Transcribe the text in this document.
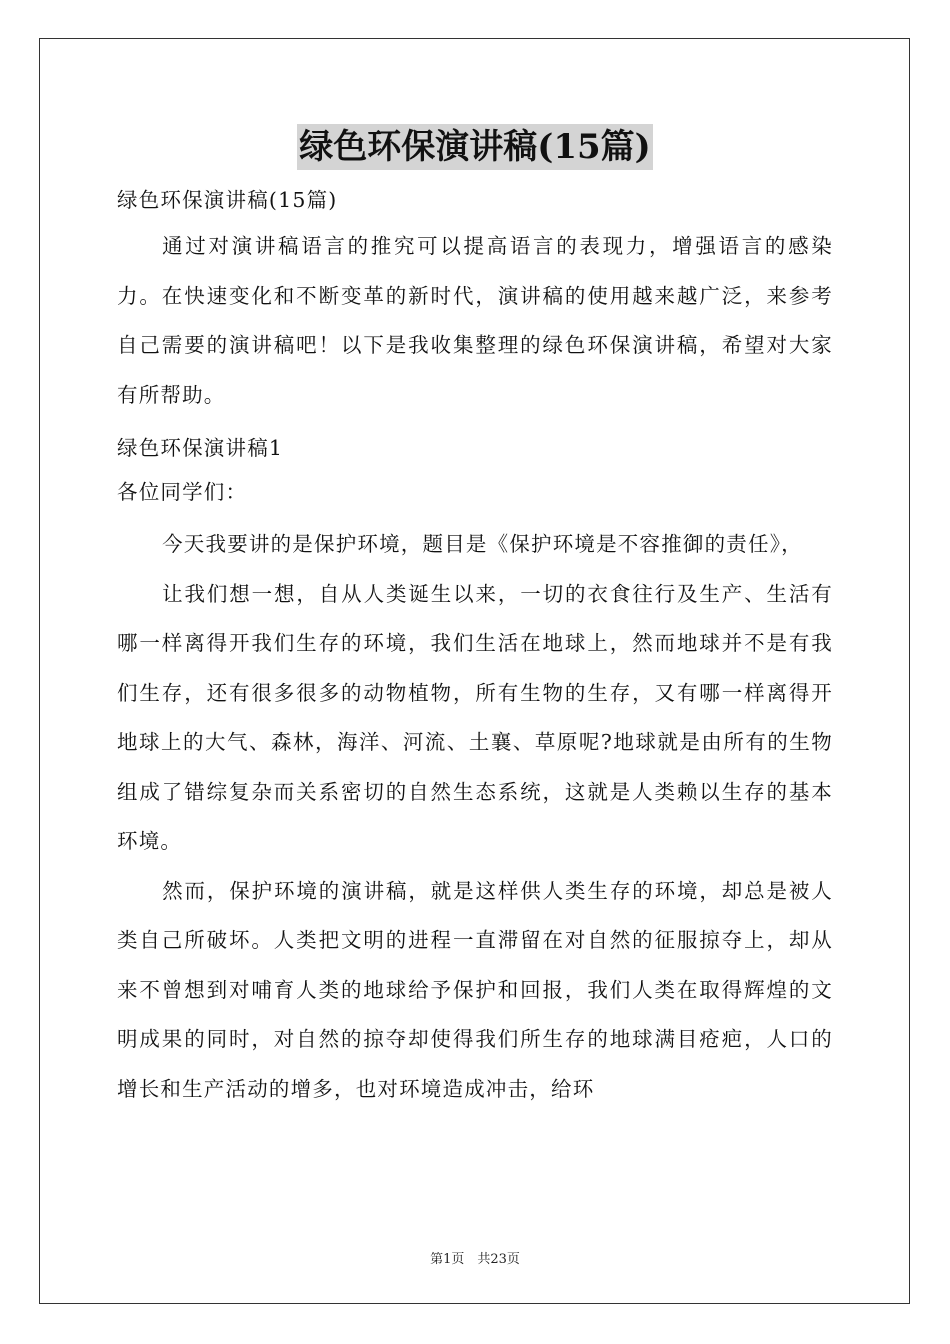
绿色环保演讲稿(15篇)

绿色环保演讲稿(15篇)

通过对演讲稿语言的推究可以提高语言的表现力，增强语言的感染力。在快速变化和不断变革的新时代，演讲稿的使用越来越广泛，来参考自己需要的演讲稿吧！以下是我收集整理的绿色环保演讲稿，希望对大家有所帮助。

绿色环保演讲稿1

各位同学们：

今天我要讲的是保护环境，题目是《保护环境是不容推御的责任》，

让我们想一想，自从人类诞生以来，一切的衣食往行及生产、生活有哪一样离得开我们生存的环境，我们生活在地球上，然而地球并不是有我们生存，还有很多很多的动物植物，所有生物的生存，又有哪一样离得开地球上的大气、森林，海洋、河流、土襄、草原呢?地球就是由所有的生物组成了错综复杂而关系密切的自然生态系统，这就是人类赖以生存的基本环境。

然而，保护环境的演讲稿，就是这样供人类生存的环境，却总是被人类自己所破坏。人类把文明的进程一直滞留在对自然的征服掠夺上，却从来不曾想到对哺育人类的地球给予保护和回报，我们人类在取得辉煌的文明成果的同时，对自然的掠夺却使得我们所生存的地球满目疮疤，人口的增长和生产活动的增多，也对环境造成冲击，给环

第1页　共23页
